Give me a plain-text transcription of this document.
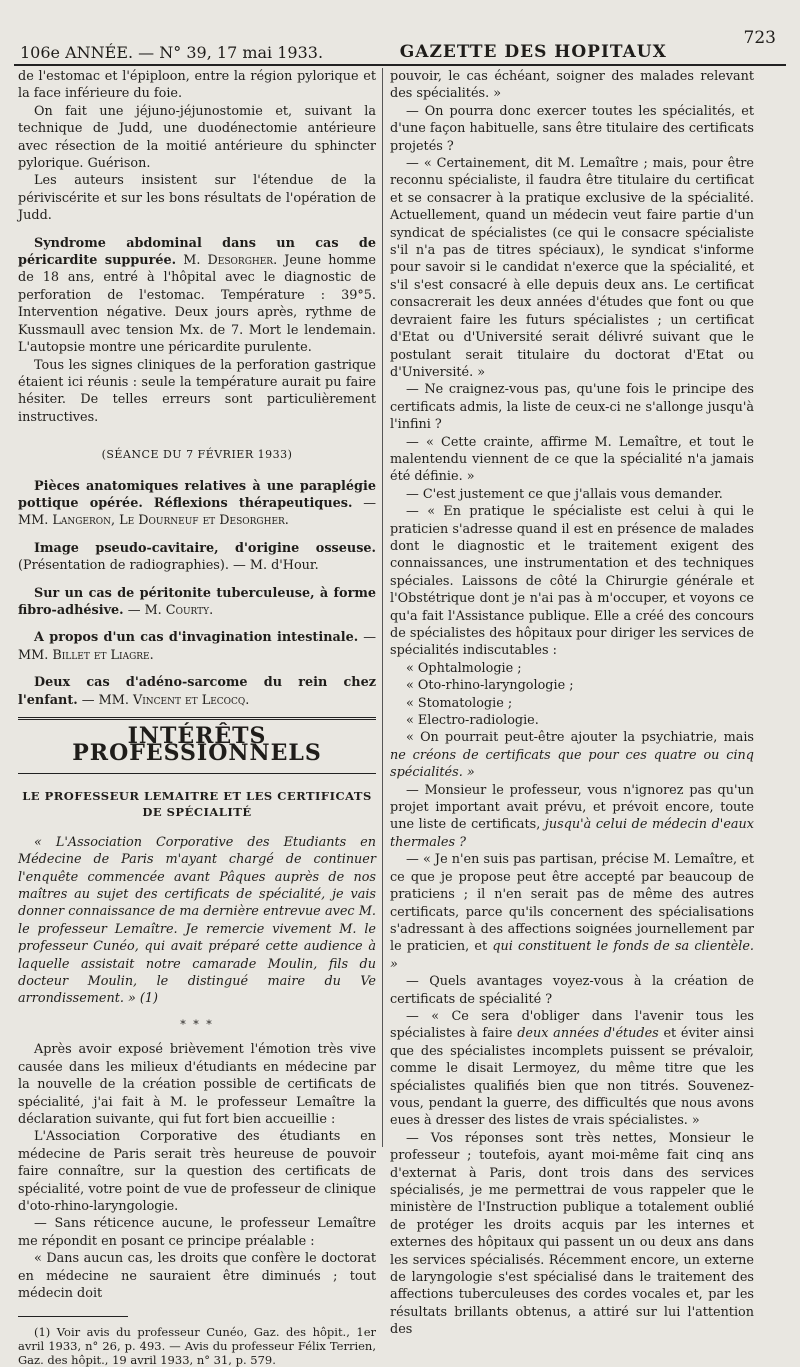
106e ANNÉE. — N° 39, 17 mai 1933.	GAZETTE DES HOPITAUX
723

de l'estomac et l'épiploon, entre la région pylorique et la face inférieure du foie.

On fait une jéjuno-jéjunostomie et, suivant la technique de Judd, une duodénectomie antérieure avec résection de la moitié antérieure du sphincter pylorique. Guérison.

Les auteurs insistent sur l'étendue de la périviscérite et sur les bons résultats de l'opération de Judd.

Syndrome abdominal dans un cas de péricardite suppurée. M. Desorgher. Jeune homme de 18 ans, entré à l'hôpital avec le diagnostic de perforation de l'estomac. Température : 39°5. Intervention négative. Deux jours après, rythme de Kussmaull avec tension Mx. de 7. Mort le lendemain. L'autopsie montre une péricardite purulente.

Tous les signes cliniques de la perforation gastrique étaient ici réunis : seule la température aurait pu faire hésiter. De telles erreurs sont particulièrement instructives.

(SÉANCE DU 7 FÉVRIER 1933)

Pièces anatomiques relatives à une paraplégie pottique opérée. Réflexions thérapeutiques. — MM. Langeron, Le Dourneuf et Desorgher.

Image pseudo-cavitaire, d'origine osseuse. (Présentation de radiographies). — M. d'Hour.

Sur un cas de péritonite tuberculeuse, à forme fibro-adhésive. — M. Courty.

A propos d'un cas d'invagination intestinale. — MM. Billet et Liagre.

Deux cas d'adéno-sarcome du rein chez l'enfant. — MM. Vincent et Lecocq.

INTÉRÊTS PROFESSIONNELS
LE PROFESSEUR LEMAITRE ET LES CERTIFICATS
DE SPÉCIALITÉ

« L'Association Corporative des Etudiants en Médecine de Paris m'ayant chargé de continuer l'enquête commencée avant Pâques auprès de nos maîtres au sujet des certificats de spécialité, je vais donner connaissance de ma dernière entrevue avec M. le professeur Lemaître. Je remercie vivement M. le professeur Cunéo, qui avait préparé cette audience à laquelle assistait notre camarade Moulin, fils du docteur Moulin, le distingué maire du Ve arrondissement. » (1)

* * *

Après avoir exposé brièvement l'émotion très vive causée dans les milieux d'étudiants en médecine par la nouvelle de la création possible de certificats de spécialité, j'ai fait à M. le professeur Lemaître la déclaration suivante, qui fut fort bien accueillie :

L'Association Corporative des étudiants en médecine de Paris serait très heureuse de pouvoir faire connaître, sur la question des certificats de spécialité, votre point de vue de professeur de clinique d'oto-rhino-laryngologie.

— Sans réticence aucune, le professeur Lemaître me répondit en posant ce principe préalable :

« Dans aucun cas, les droits que confère le doctorat en médecine ne sauraient être diminués ; tout médecin doit

(1) Voir avis du professeur Cunéo, Gaz. des hôpit., 1er avril 1933, n° 26, p. 493. — Avis du professeur Félix Terrien, Gaz. des hôpit., 19 avril 1933, n° 31, p. 579.

pouvoir, le cas échéant, soigner des malades relevant des spécialités. »

— On pourra donc exercer toutes les spécialités, et d'une façon habituelle, sans être titulaire des certificats projetés ?

— « Certainement, dit M. Lemaître ; mais, pour être reconnu spécialiste, il faudra être titulaire du certificat et se consacrer à la pratique exclusive de la spécialité. Actuellement, quand un médecin veut faire partie d'un syndicat de spécialistes (ce qui le consacre spécialiste s'il n'a pas de titres spéciaux), le syndicat s'informe pour savoir si le candidat n'exerce que la spécialité, et s'il s'est consacré à elle depuis deux ans. Le certificat consacrerait les deux années d'études que font ou que devraient faire les futurs spécialistes ; un certificat d'Etat ou d'Université serait délivré suivant que le postulant serait titulaire du doctorat d'Etat ou d'Université. »

— Ne craignez-vous pas, qu'une fois le principe des certificats admis, la liste de ceux-ci ne s'allonge jusqu'à l'infini ?

— « Cette crainte, affirme M. Lemaître, et tout le malentendu viennent de ce que la spécialité n'a jamais été définie. »

— C'est justement ce que j'allais vous demander.

— « En pratique le spécialiste est celui à qui le praticien s'adresse quand il est en présence de malades dont le diagnostic et le traitement exigent des connaissances, une instrumentation et des techniques spéciales. Laissons de côté la Chirurgie générale et l'Obstétrique dont je n'ai pas à m'occuper, et voyons ce qu'a fait l'Assistance publique. Elle a créé des concours de spécialistes des hôpitaux pour diriger les services de spécialités indiscutables :

« Ophtalmologie ;

« Oto-rhino-laryngologie ;

« Stomatologie ;

« Electro-radiologie.

« On pourrait peut-être ajouter la psychiatrie, mais ne créons de certificats que pour ces quatre ou cinq spécialités. »

— Monsieur le professeur, vous n'ignorez pas qu'un projet important avait prévu, et prévoit encore, toute une liste de certificats, jusqu'à celui de médecin d'eaux thermales ?

— « Je n'en suis pas partisan, précise M. Lemaître, et ce que je propose peut être accepté par beaucoup de praticiens ; il n'en serait pas de même des autres certificats, parce qu'ils concernent des spécialisations s'adressant à des affections soignées journellement par le praticien, et qui constituent le fonds de sa clientèle. »

— Quels avantages voyez-vous à la création de certificats de spécialité ?

— « Ce sera d'obliger dans l'avenir tous les spécialistes à faire deux années d'études et éviter ainsi que des spécialistes incomplets puissent se prévaloir, comme le disait Lermoyez, du même titre que les spécialistes qualifiés bien que non titrés. Souvenez-vous, pendant la guerre, des difficultés que nous avons eues à dresser des listes de vrais spécialistes. »

— Vos réponses sont très nettes, Monsieur le professeur ; toutefois, ayant moi-même fait cinq ans d'externat à Paris, dont trois dans des services spécialisés, je me permettrai de vous rappeler que le ministère de l'Instruction publique a totalement oublié de protéger les droits acquis par les internes et externes des hôpitaux qui passent un ou deux ans dans les services spécialisés. Récemment encore, un externe de laryngologie s'est spécialisé dans le traitement des affections tuberculeuses des cordes vocales et, par les résultats brillants obtenus, a attiré sur lui l'attention des
